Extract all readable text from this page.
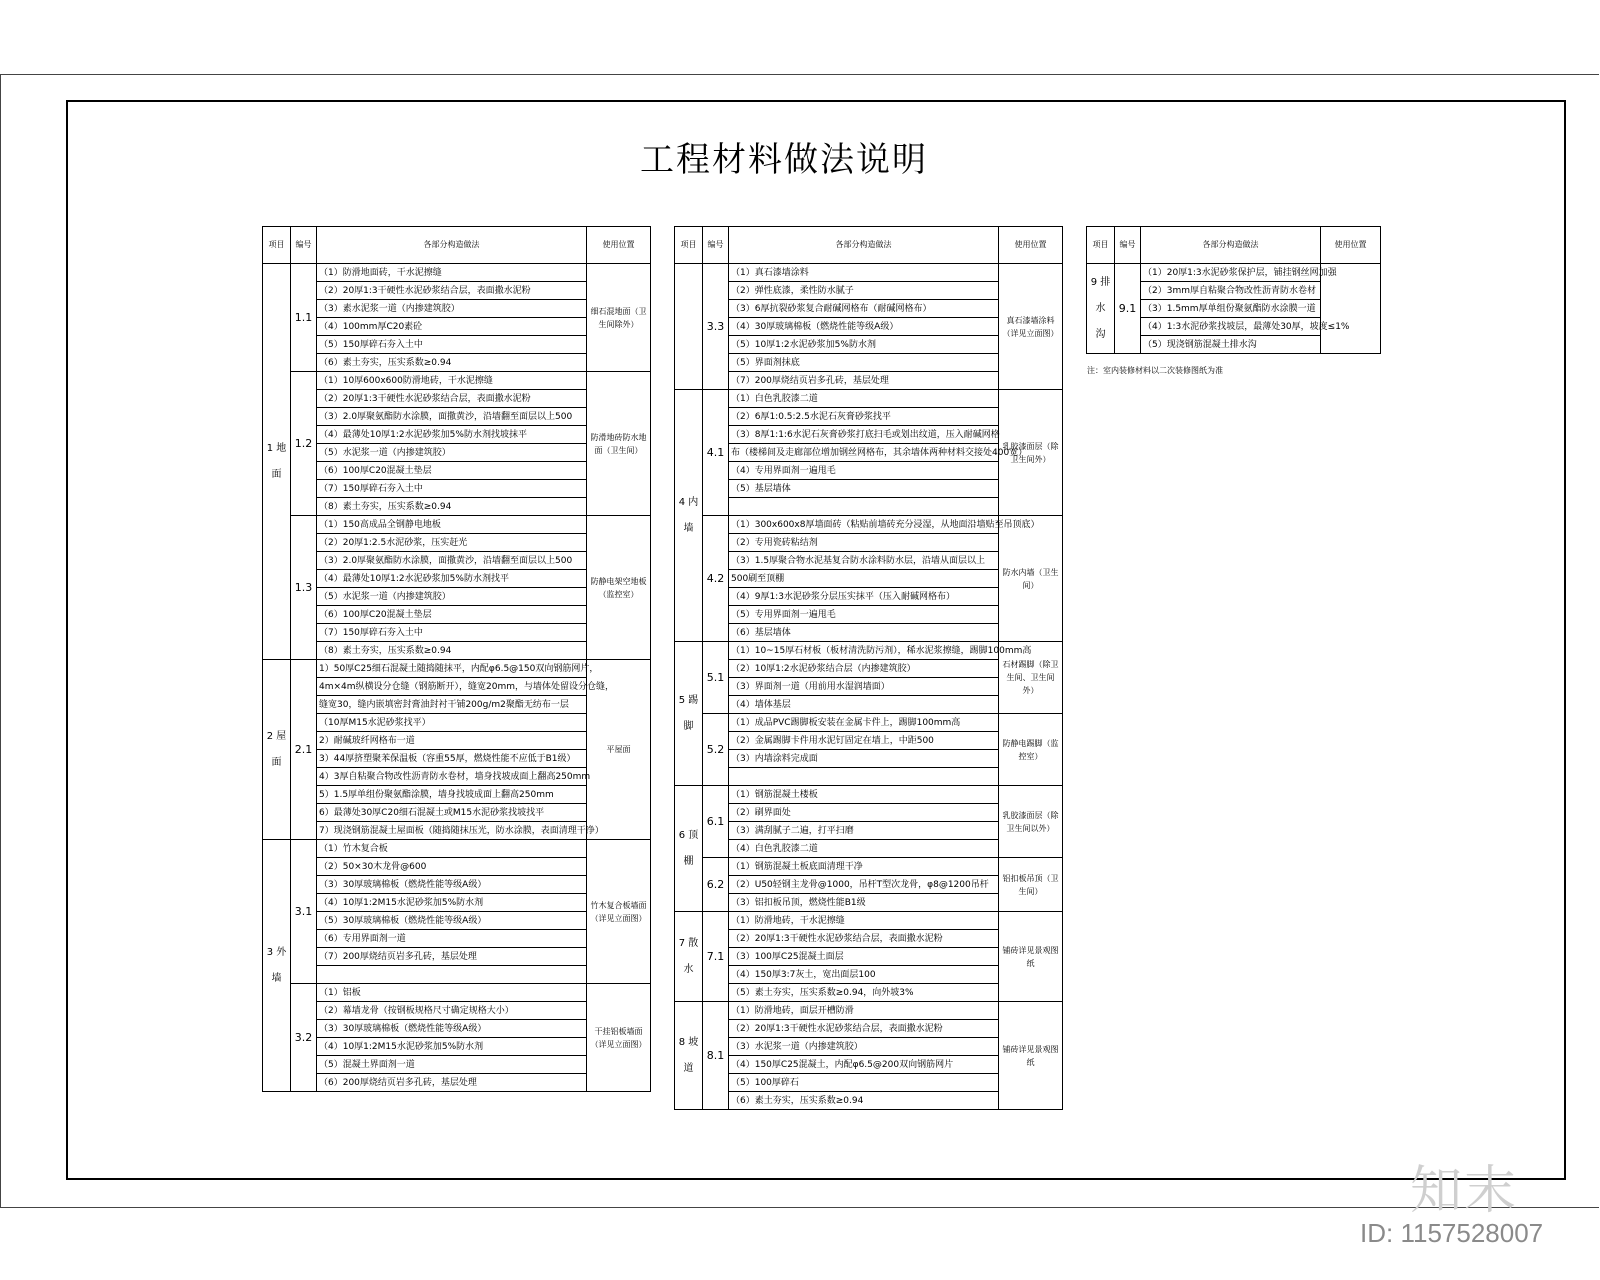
工程材料做法说明
项目	编号	各部分构造做法	使用位置
1 地 面	1.1	（1）防滑地面砖，干水泥擦缝	细石混地面（卫生间除外）
		（2）20厚1:3干硬性水泥砂浆结合层，表面撒水泥粉	
		（3）素水泥浆一道（内掺建筑胶）	
		（4）100mm厚C20素砼	
		（5）150厚碎石夯入土中	
		（6）素土夯实，压实系数≥0.94	
	1.2	（1）10厚600x600防滑地砖，干水泥擦缝	防滑地砖防水地面（卫生间）
		（2）20厚1:3干硬性水泥砂浆结合层，表面撒水泥粉	
		（3）2.0厚聚氨酯防水涂膜，面撒黄沙，沿墙翻至面层以上500	
		（4）最薄处10厚1:2水泥砂浆加5%防水剂找坡抹平	
		（5）水泥浆一道（内掺建筑胶）	
		（6）100厚C20混凝土垫层	
		（7）150厚碎石夯入土中	
		（8）素土夯实，压实系数≥0.94	
	1.3	（1）150高成品全钢静电地板	防静电架空地板（监控室）
		（2）20厚1:2.5水泥砂浆，压实赶光	
		（3）2.0厚聚氨酯防水涂膜，面撒黄沙，沿墙翻至面层以上500	
		（4）最薄处10厚1:2水泥砂浆加5%防水剂找平	
		（5）水泥浆一道（内掺建筑胶）	
		（6）100厚C20混凝土垫层	
		（7）150厚碎石夯入土中	
		（8）素土夯实，压实系数≥0.94	
2 屋 面	2.1	1）50厚C25细石混凝土随捣随抹平，内配φ6.5@150双向钢筋网片，	平屋面
		4m×4m纵横设分仓缝（钢筋断开），缝宽20mm，与墙体处留设分仓缝，	
		缝宽30，缝内嵌填密封膏油封衬干铺200g/m2聚酯无纺布一层	
		（10厚M15水泥砂浆找平）	
		2）耐碱玻纤网格布一道	
		3）44厚挤塑聚苯保温板（容重55厚，燃烧性能不应低于B1级）	
		4）3厚自粘聚合物改性沥青防水卷材，墙身找坡成面上翻高250mm	
		5）1.5厚单组份聚氨酯涂膜，墙身找坡成面上翻高250mm	
		6）最薄处30厚C20细石混凝土或M15水泥砂浆找坡找平	
		7）现浇钢筋混凝土屋面板（随捣随抹压光，防水涂膜，表面清理干净）	
3 外 墙	3.1	（1）竹木复合板	竹木复合板墙面（详见立面图）
		（2）50×30木龙骨@600	
		（3）30厚玻璃棉板（燃烧性能等级A级）	
		（4）10厚1:2M15水泥砂浆加5%防水剂	
		（5）30厚玻璃棉板（燃烧性能等级A级）	
		（6）专用界面剂一道	
		（7）200厚烧结页岩多孔砖，基层处理	

	3.2	（1）铝板	干挂铝板墙面（详见立面图）
		（2）幕墙龙骨（按钢板规格尺寸确定规格大小）	
		（3）30厚玻璃棉板（燃烧性能等级A级）	
		（4）10厚1:2M15水泥砂浆加5%防水剂	
		（5）混凝土界面剂一道	
		（6）200厚烧结页岩多孔砖，基层处理	
项目	编号	各部分构造做法	使用位置
	3.3	（1）真石漆墙涂料	真石漆墙涂料（详见立面图）
		（2）弹性底漆，柔性防水腻子	
		（3）6厚抗裂砂浆复合耐碱网格布（耐碱网格布）	
		（4）30厚玻璃棉板（燃烧性能等级A级）	
		（5）10厚1:2水泥砂浆加5%防水剂	
		（5）界面剂抹底	
		（7）200厚烧结页岩多孔砖，基层处理	
4 内 墙	4.1	（1）白色乳胶漆二道	乳胶漆面层（除卫生间外）
		（2）6厚1:0.5:2.5水泥石灰膏砂浆找平	
		（3）8厚1:1:6水泥石灰膏砂浆打底扫毛或划出纹道，压入耐碱网格	
		布（楼梯间及走廊部位增加钢丝网格布，其余墙体两种材料交接处400宽）	
		（4）专用界面剂一遍甩毛	
		（5）基层墙体	

	4.2	（1）300x600x8厚墙面砖（粘贴前墙砖充分浸湿，从地面沿墙贴至吊顶底）	防水内墙（卫生间）
		（2）专用瓷砖粘结剂	
		（3）1.5厚聚合物水泥基复合防水涂料防水层，沿墙从面层以上	
		500刷至顶棚	
		（4）9厚1:3水泥砂浆分层压实抹平（压入耐碱网格布）	
		（5）专用界面剂一遍甩毛	
		（6）基层墙体	
5 踢 脚	5.1	（1）10~15厚石材板（板材清洗防污剂），稀水泥浆擦缝，踢脚100mm高	石材踢脚（除卫生间、卫生间外）
		（2）10厚1:2水泥砂浆结合层（内掺建筑胶）	
		（3）界面剂一道（用前用水湿润墙面）	
		（4）墙体基层	
	5.2	（1）成品PVC踢脚板安装在金属卡件上，踢脚100mm高	防静电踢脚（监控室）
		（2）金属踢脚卡件用水泥钉固定在墙上，中距500	
		（3）内墙涂料完成面	

6 顶 棚	6.1	（1）钢筋混凝土楼板	乳胶漆面层（除卫生间以外）
		（2）刷界面处	
		（3）满刮腻子二遍，打平扫磨	
		（4）白色乳胶漆二道	
	6.2	（1）钢筋混凝土板底面清理干净	铝扣板吊顶（卫生间）
		（2）U50轻钢主龙骨@1000，吊杆T型次龙骨，φ8@1200吊杆	
		（3）铝扣板吊顶，燃烧性能B1级	
7 散 水	7.1	（1）防滑地砖，干水泥擦缝	铺砖详见景观图纸
		（2）20厚1:3干硬性水泥砂浆结合层，表面撒水泥粉	
		（3）100厚C25混凝土面层	
		（4）150厚3:7灰土，宽出面层100	
		（5）素土夯实，压实系数≥0.94，向外坡3%	
8 坡 道	8.1	（1）防滑地砖，面层开槽防滑	铺砖详见景观图纸
		（2）20厚1:3干硬性水泥砂浆结合层，表面撒水泥粉	
		（3）水泥浆一道（内掺建筑胶）	
		（4）150厚C25混凝土，内配φ6.5@200双向钢筋网片	
		（5）100厚碎石	
		（6）素土夯实，压实系数≥0.94	
项目	编号	各部分构造做法	使用位置
9 排 水 沟	9.1	（1）20厚1:3水泥砂浆保护层，铺挂钢丝网加强	
		（2）3mm厚自粘聚合物改性沥青防水卷材	
		（3）1.5mm厚单组份聚氨酯防水涂膜一道	
		（4）1:3水泥砂浆找坡层，最薄处30厚，坡度≤1%	
		（5）现浇钢筋混凝土排水沟	
注：室内装修材料以二次装修图纸为准
知末
ID: 1157528007
